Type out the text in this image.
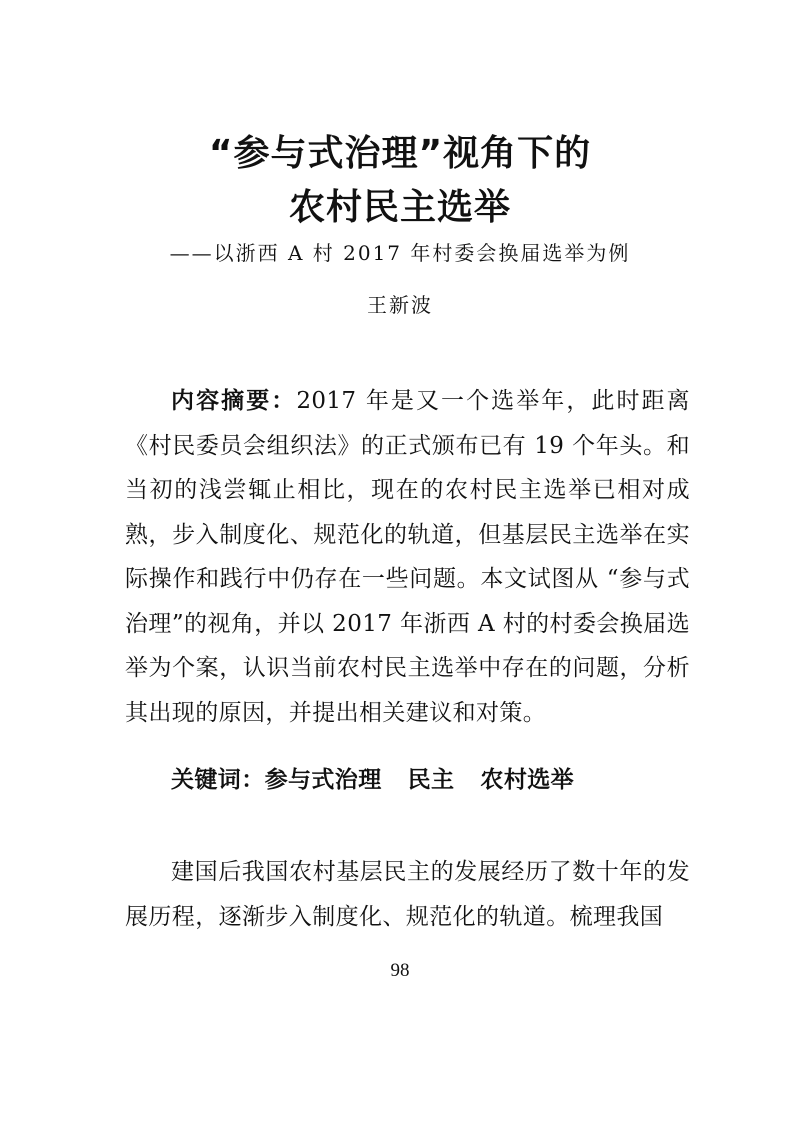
“参与式治理”视角下的
农村民主选举
——以浙西 A 村 2017 年村委会换届选举为例
王新波
内容摘要：2017 年是又一个选举年，此时距离《村民委员会组织法》的正式颁布已有 19 个年头。和当初的浅尝辄止相比，现在的农村民主选举已相对成熟，步入制度化、规范化的轨道，但基层民主选举在实际操作和践行中仍存在一些问题。本文试图从 “参与式治理”的视角，并以 2017 年浙西 A 村的村委会换届选举为个案，认识当前农村民主选举中存在的问题，分析其出现的原因，并提出相关建议和对策。
关键词：参与式治理 民主 农村选举
建国后我国农村基层民主的发展经历了数十年的发展历程，逐渐步入制度化、规范化的轨道。梳理我国
98
